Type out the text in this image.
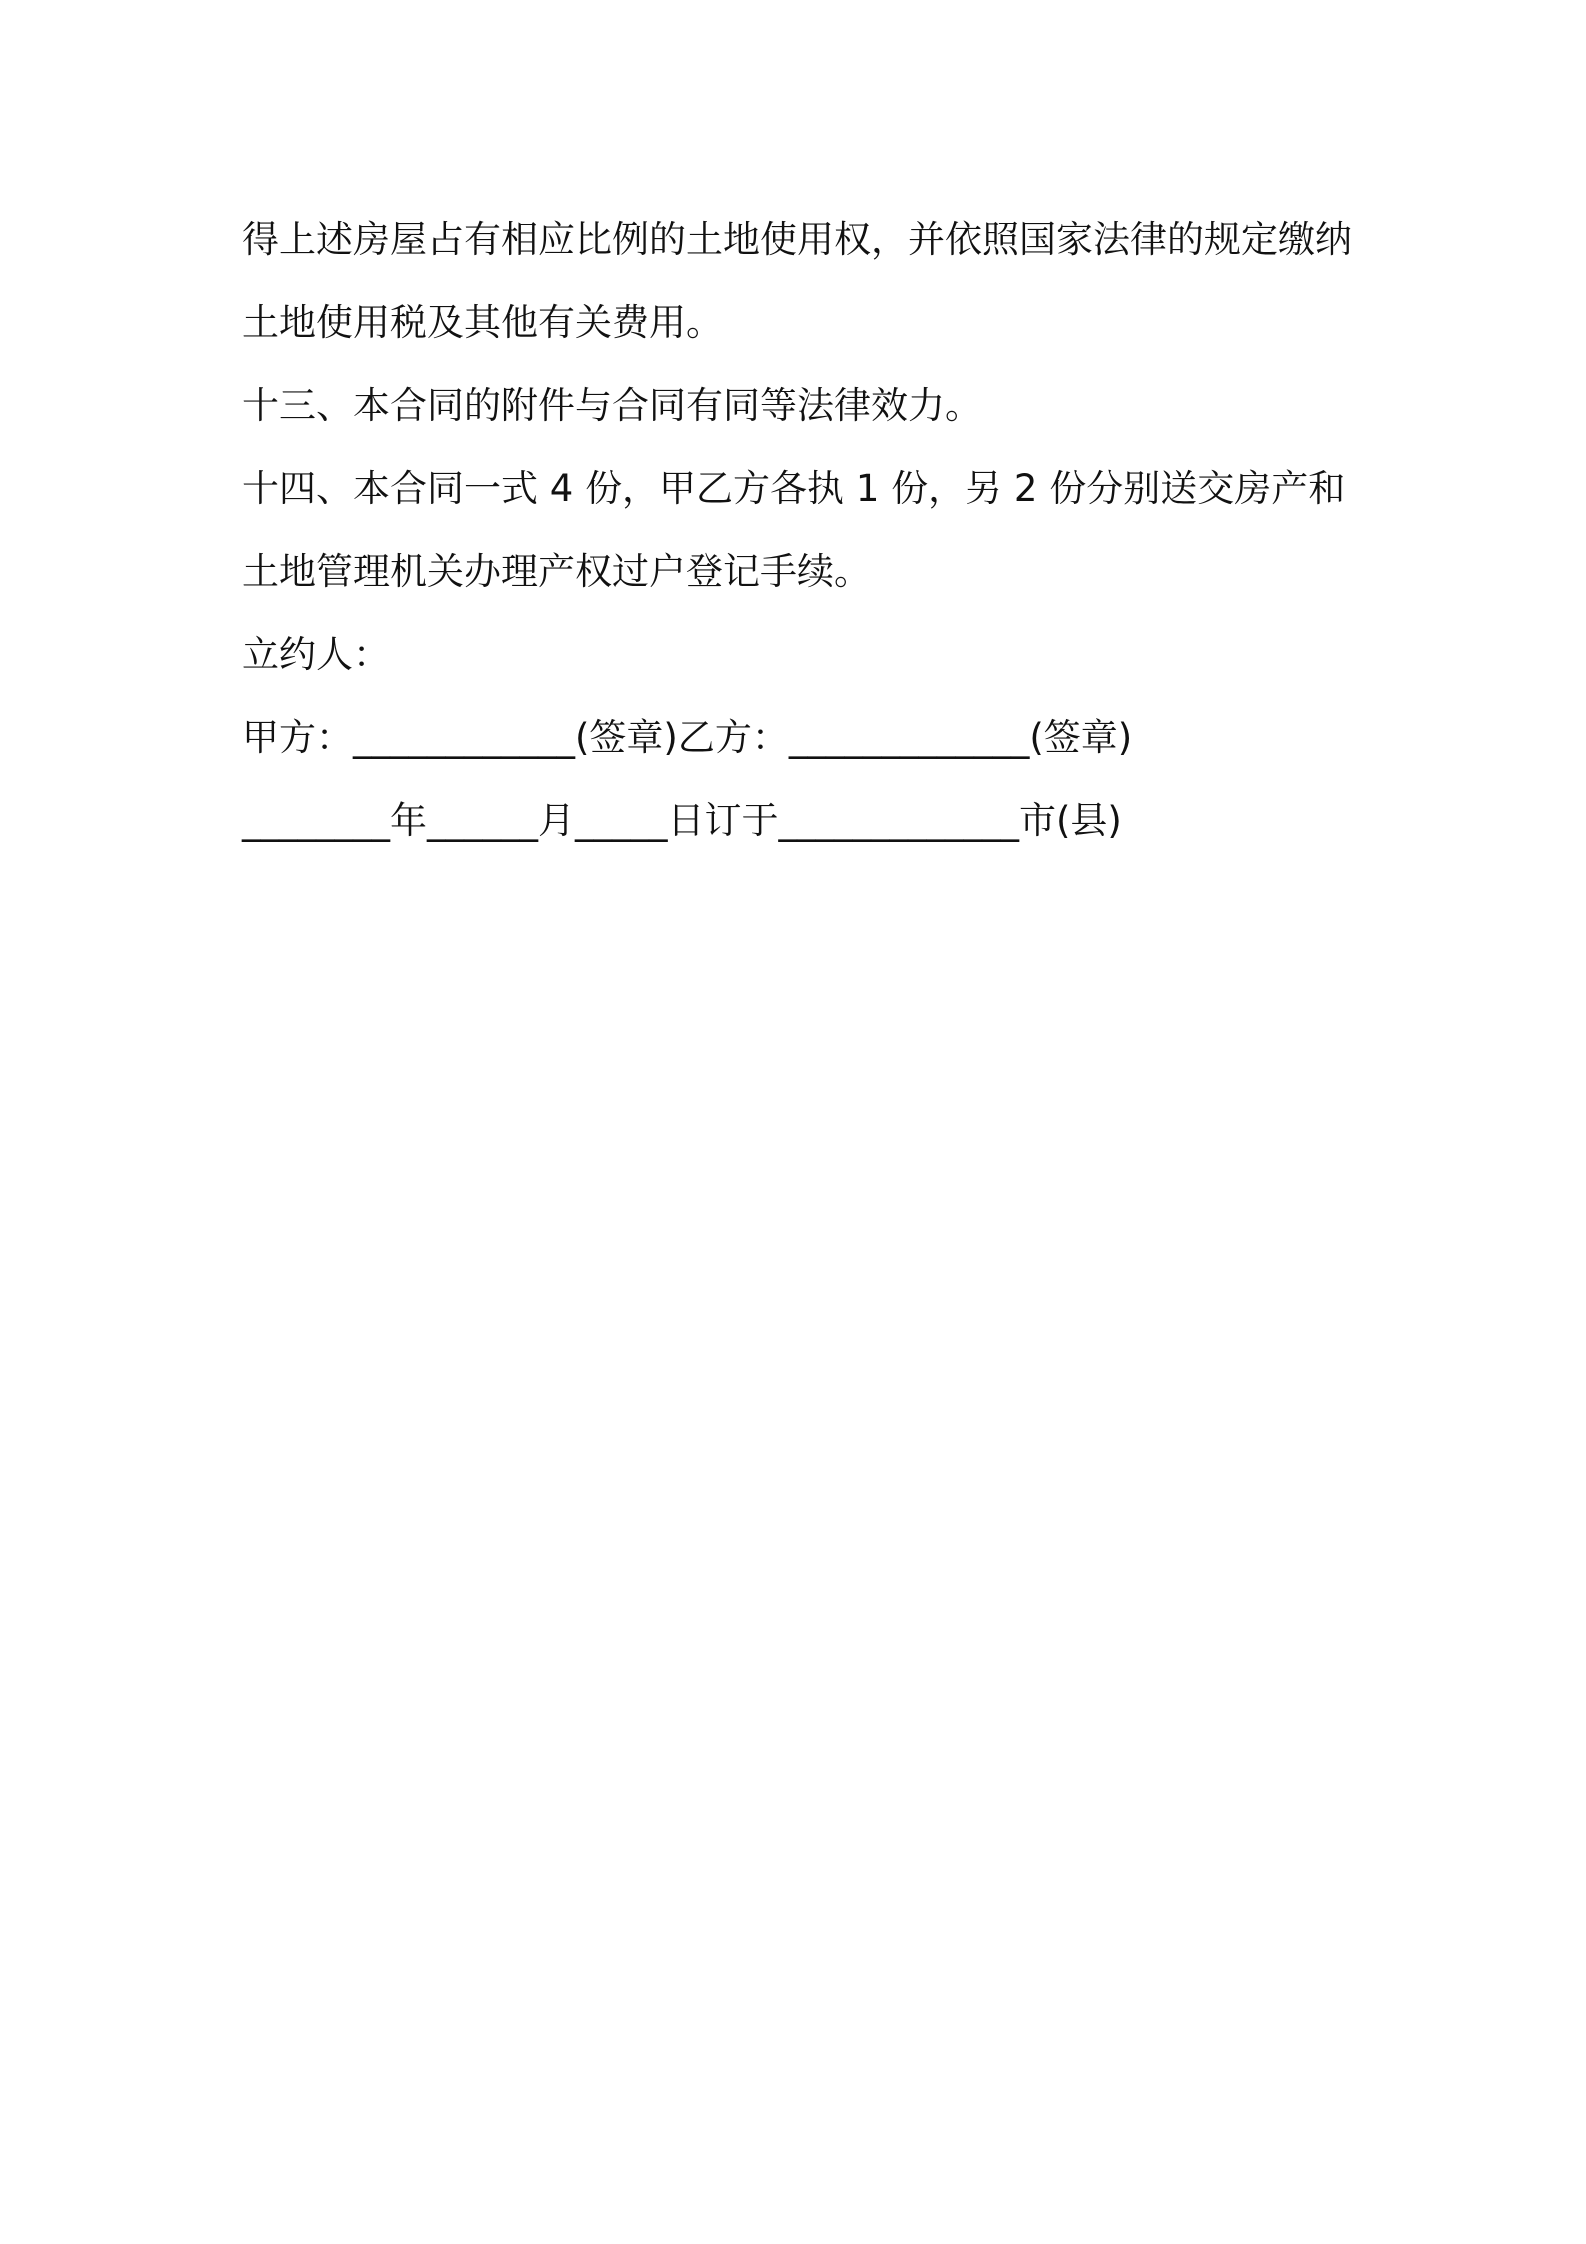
得上述房屋占有相应比例的土地使用权，并依照国家法律的规定缴纳
土地使用税及其他有关费用。
十三、本合同的附件与合同有同等法律效力。
十四、本合同一式 4 份，甲乙方各执 1 份，另 2 份分别送交房产和
土地管理机关办理产权过户登记手续。
立约人：
甲方：____________(签章)乙方：_____________(签章)
________年______月_____日订于_____________市(县)
